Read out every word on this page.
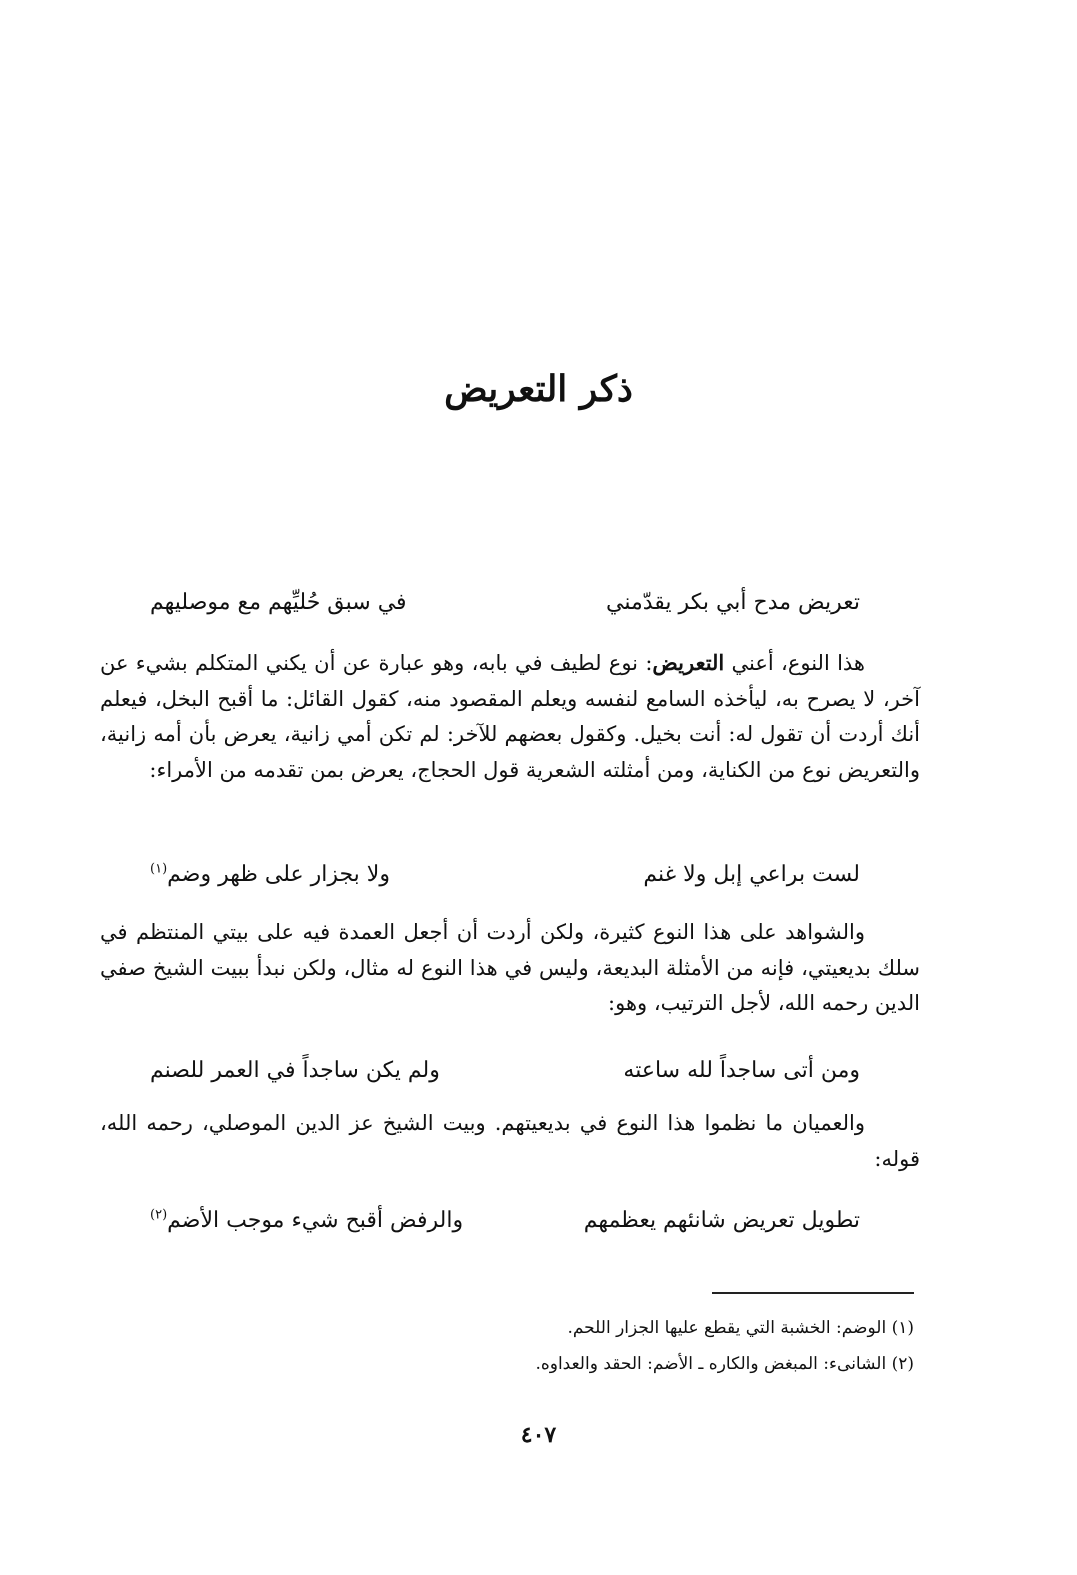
ذكر التعريض
تعريض مدح أبي بكر يقدّمني
في سبق حُليِّهم مع موصليهم

هذا النوع، أعني التعريض: نوع لطيف في بابه، وهو عبارة عن أن يكني المتكلم بشيء عن آخر، لا يصرح به، ليأخذه السامع لنفسه ويعلم المقصود منه، كقول القائل: ما أقبح البخل، فيعلم أنك أردت أن تقول له: أنت بخيل. وكقول بعضهم للآخر: لم تكن أمي زانية، يعرض بأن أمه زانية، والتعريض نوع من الكناية، ومن أمثلته الشعرية قول الحجاج، يعرض بمن تقدمه من الأمراء:

لست براعي إبل ولا غنم
ولا بجزار على ظهر وضم$^{(١)}$

والشواهد على هذا النوع كثيرة، ولكن أردت أن أجعل العمدة فيه على بيتي المنتظم في سلك بديعيتي، فإنه من الأمثلة البديعة، وليس في هذا النوع له مثال، ولكن نبدأ ببيت الشيخ صفي الدين رحمه الله، لأجل الترتيب، وهو:

ومن أتى ساجداً لله ساعته
ولم يكن ساجداً في العمر للصنم

والعميان ما نظموا هذا النوع في بديعيتهم. وبيت الشيخ عز الدين الموصلي، رحمه الله، قوله:

تطويل تعريض شانئهم يعظمهم
والرفض أقبح شيء موجب الأضم$^{(٢)}$
(١) الوضم: الخشبة التي يقطع عليها الجزار اللحم.
(٢) الشانىء: المبغض والكاره ـ الأضم: الحقد والعداوه.
٤٠٧
